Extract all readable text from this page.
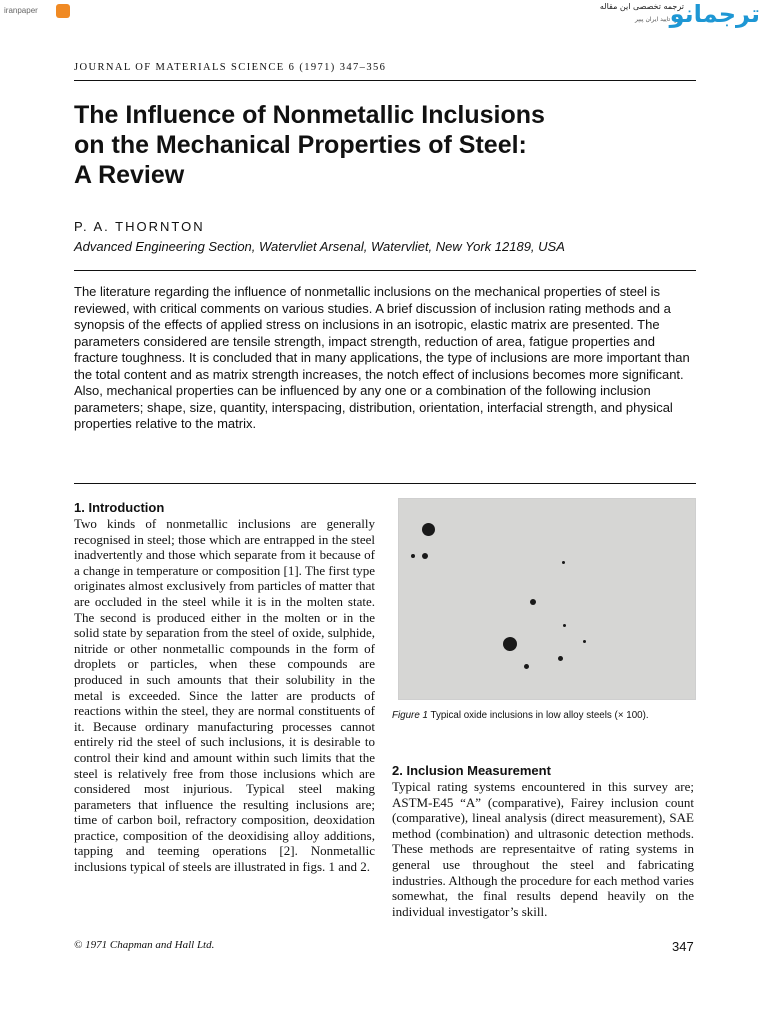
iranpaper	ترجمه تخصصی این مقاله
مورد تایید ایران پیپر
ترجمانو
JOURNAL OF MATERIALS SCIENCE 6 (1971) 347–356
The Influence of Nonmetallic Inclusions
on the Mechanical Properties of Steel:
A Review
P. A. THORNTON
Advanced Engineering Section, Watervliet Arsenal, Watervliet, New York 12189, USA
The literature regarding the influence of nonmetallic inclusions on the mechanical properties of steel is reviewed, with critical comments on various studies. A brief discussion of inclusion rating methods and a synopsis of the effects of applied stress on inclusions in an isotropic, elastic matrix are presented. The parameters considered are tensile strength, impact strength, reduction of area, fatigue properties and fracture toughness. It is concluded that in many applications, the type of inclusions are more important than the total content and as matrix strength increases, the notch effect of inclusions becomes more significant. Also, mechanical properties can be influenced by any one or a combination of the following inclusion parameters; shape, size, quantity, interspacing, distribution, orientation, interfacial strength, and physical properties relative to the matrix.
1. Introduction

Two kinds of nonmetallic inclusions are generally recognised in steel; those which are entrapped in the steel inadvertently and those which separate from it because of a change in temperature or composition [1]. The first type originates almost exclusively from particles of matter that are occluded in the steel while it is in the molten state. The second is produced either in the molten or in the solid state by separation from the steel of oxide, sulphide, nitride or other nonmetallic compounds in the form of droplets or particles, when these compounds are produced in such amounts that their solubility in the metal is exceeded. Since the latter are products of reactions within the steel, they are normal constituents of it. Because ordinary manufacturing processes cannot entirely rid the steel of such inclusions, it is desirable to control their kind and amount within such limits that the steel is relatively free from those inclusions which are considered most injurious. Typical steel making parameters that influence the resulting inclusions are; time of carbon boil, refractory composition, deoxidation practice, composition of the deoxidising alloy additions, tapping and teeming operations [2]. Nonmetallic inclusions typical of steels are illustrated in figs. 1 and 2.

Figure 1 Typical oxide inclusions in low alloy steels (× 100).
2. Inclusion Measurement

Typical rating systems encountered in this survey are; ASTM-E45 “A” (comparative), Fairey inclusion count (comparative), lineal analysis (direct measurement), SAE method (combination) and ultrasonic detection methods. These methods are representaitve of rating systems in general use throughout the steel and fabricating industries. Although the procedure for each method varies somewhat, the final results depend heavily on the individual investigator’s skill.

© 1971 Chapman and Hall Ltd.	347
